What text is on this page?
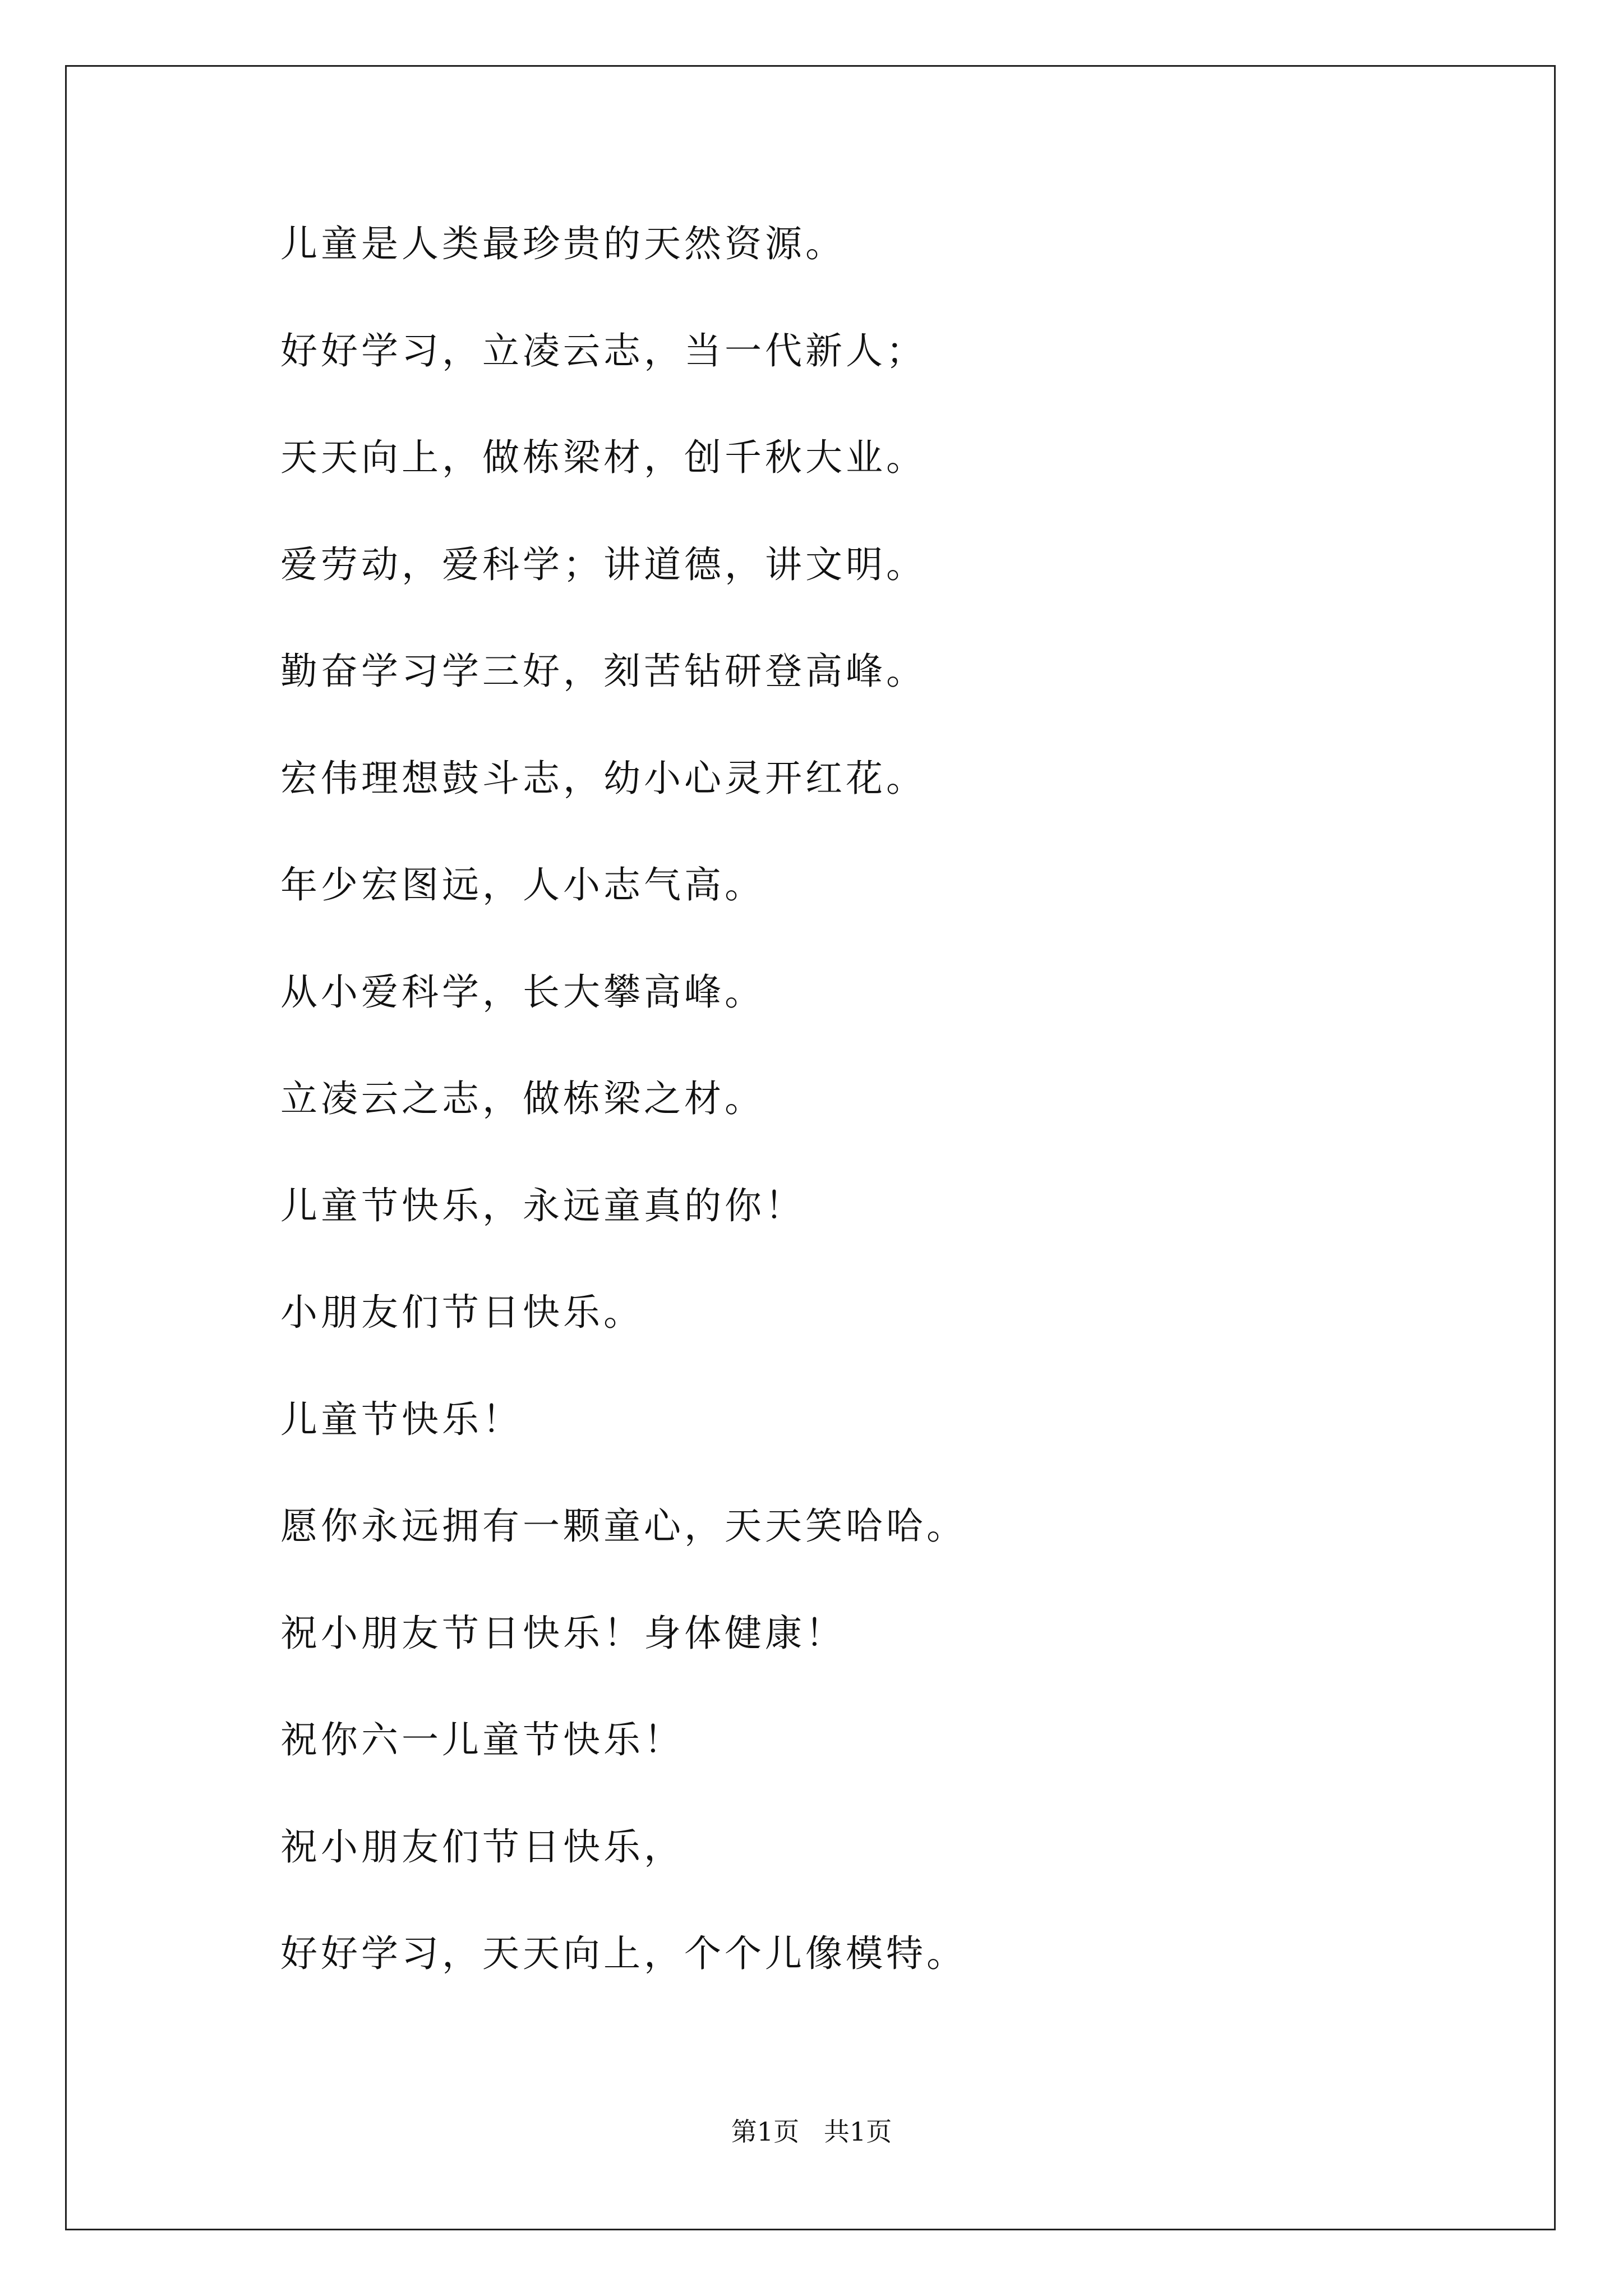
儿童是人类最珍贵的天然资源。
好好学习，立凌云志，当一代新人；
天天向上，做栋梁材，创千秋大业。
爱劳动，爱科学；讲道德，讲文明。
勤奋学习学三好，刻苦钻研登高峰。
宏伟理想鼓斗志，幼小心灵开红花。
年少宏图远，人小志气高。
从小爱科学，长大攀高峰。
立凌云之志，做栋梁之材。
儿童节快乐，永远童真的你！
小朋友们节日快乐。
儿童节快乐！
愿你永远拥有一颗童心，天天笑哈哈。
祝小朋友节日快乐！身体健康！
祝你六一儿童节快乐！
祝小朋友们节日快乐，
好好学习，天天向上，个个儿像模特。
第1页   共1页
